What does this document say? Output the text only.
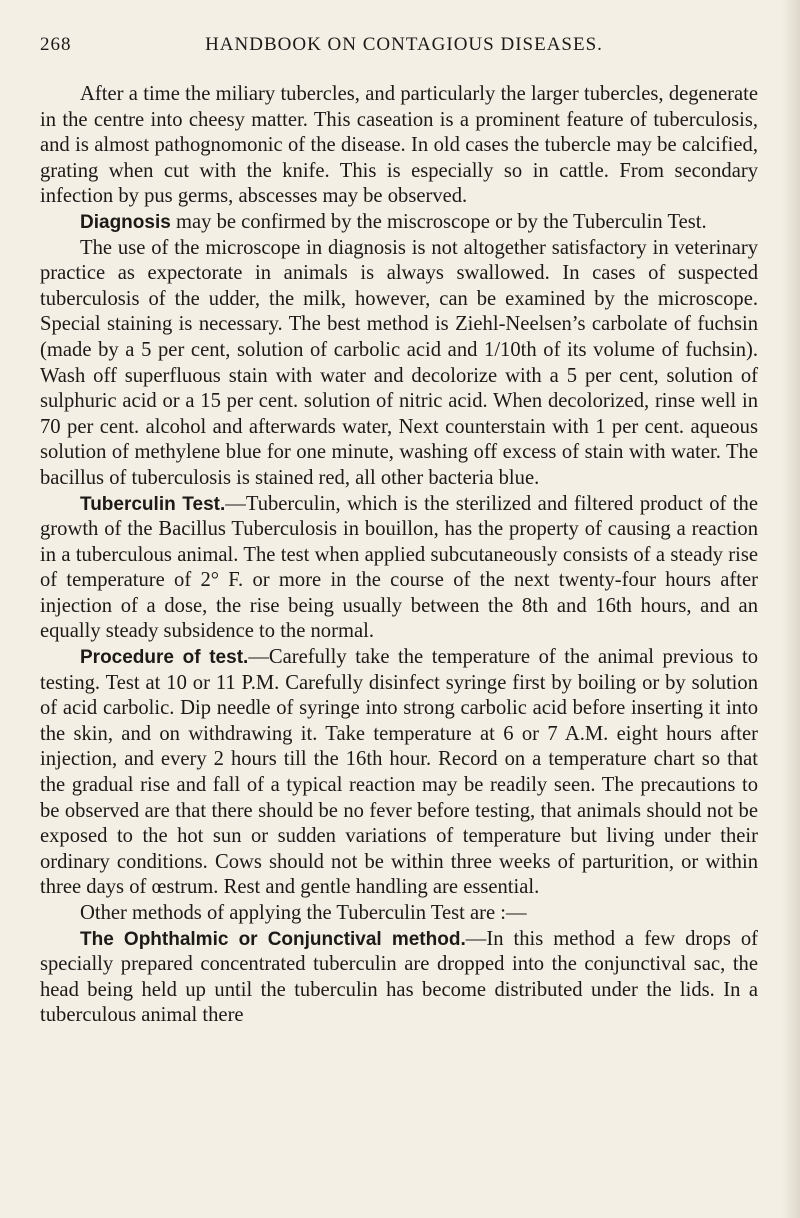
268	HANDBOOK ON CONTAGIOUS DISEASES.

After a time the miliary tubercles, and particularly the larger tubercles, degenerate in the centre into cheesy matter. This caseation is a prominent feature of tuberculosis, and is almost pathognomonic of the disease. In old cases the tubercle may be calcified, grating when cut with the knife. This is especially so in cattle. From secondary infection by pus germs, abscesses may be observed.

Diagnosis may be confirmed by the miscroscope or by the Tuberculin Test.

The use of the microscope in diagnosis is not altogether satisfactory in veterinary practice as expectorate in animals is always swallowed. In cases of suspected tuberculosis of the udder, the milk, however, can be examined by the microscope. Special staining is necessary. The best method is Ziehl-Neelsen’s carbolate of fuchsin (made by a 5 per cent, solution of carbolic acid and 1/10th of its volume of fuchsin). Wash off superfluous stain with water and decolorize with a 5 per cent, solution of sulphuric acid or a 15 per cent. solution of nitric acid. When decolorized, rinse well in 70 per cent. alcohol and afterwards water, Next counterstain with 1 per cent. aqueous solution of methylene blue for one minute, washing off excess of stain with water. The bacillus of tuberculosis is stained red, all other bacteria blue.

Tuberculin Test.—Tuberculin, which is the sterilized and filtered product of the growth of the Bacillus Tuberculosis in bouillon, has the property of causing a reaction in a tuberculous animal. The test when applied subcutaneously consists of a steady rise of temperature of 2° F. or more in the course of the next twenty-four hours after injection of a dose, the rise being usually between the 8th and 16th hours, and an equally steady subsidence to the normal.

Procedure of test.—Carefully take the temperature of the animal previous to testing. Test at 10 or 11 P.M. Carefully disinfect syringe first by boiling or by solution of acid carbolic. Dip needle of syringe into strong carbolic acid before inserting it into the skin, and on withdrawing it. Take temperature at 6 or 7 A.M. eight hours after injection, and every 2 hours till the 16th hour. Record on a temperature chart so that the gradual rise and fall of a typical reaction may be readily seen. The precautions to be observed are that there should be no fever before testing, that animals should not be exposed to the hot sun or sudden variations of temperature but living under their ordinary conditions. Cows should not be within three weeks of parturition, or within three days of œstrum. Rest and gentle handling are essential.

Other methods of applying the Tuberculin Test are :—

The Ophthalmic or Conjunctival method.—In this method a few drops of specially prepared concentrated tuberculin are dropped into the conjunctival sac, the head being held up until the tuberculin has become distributed under the lids. In a tuberculous animal there
